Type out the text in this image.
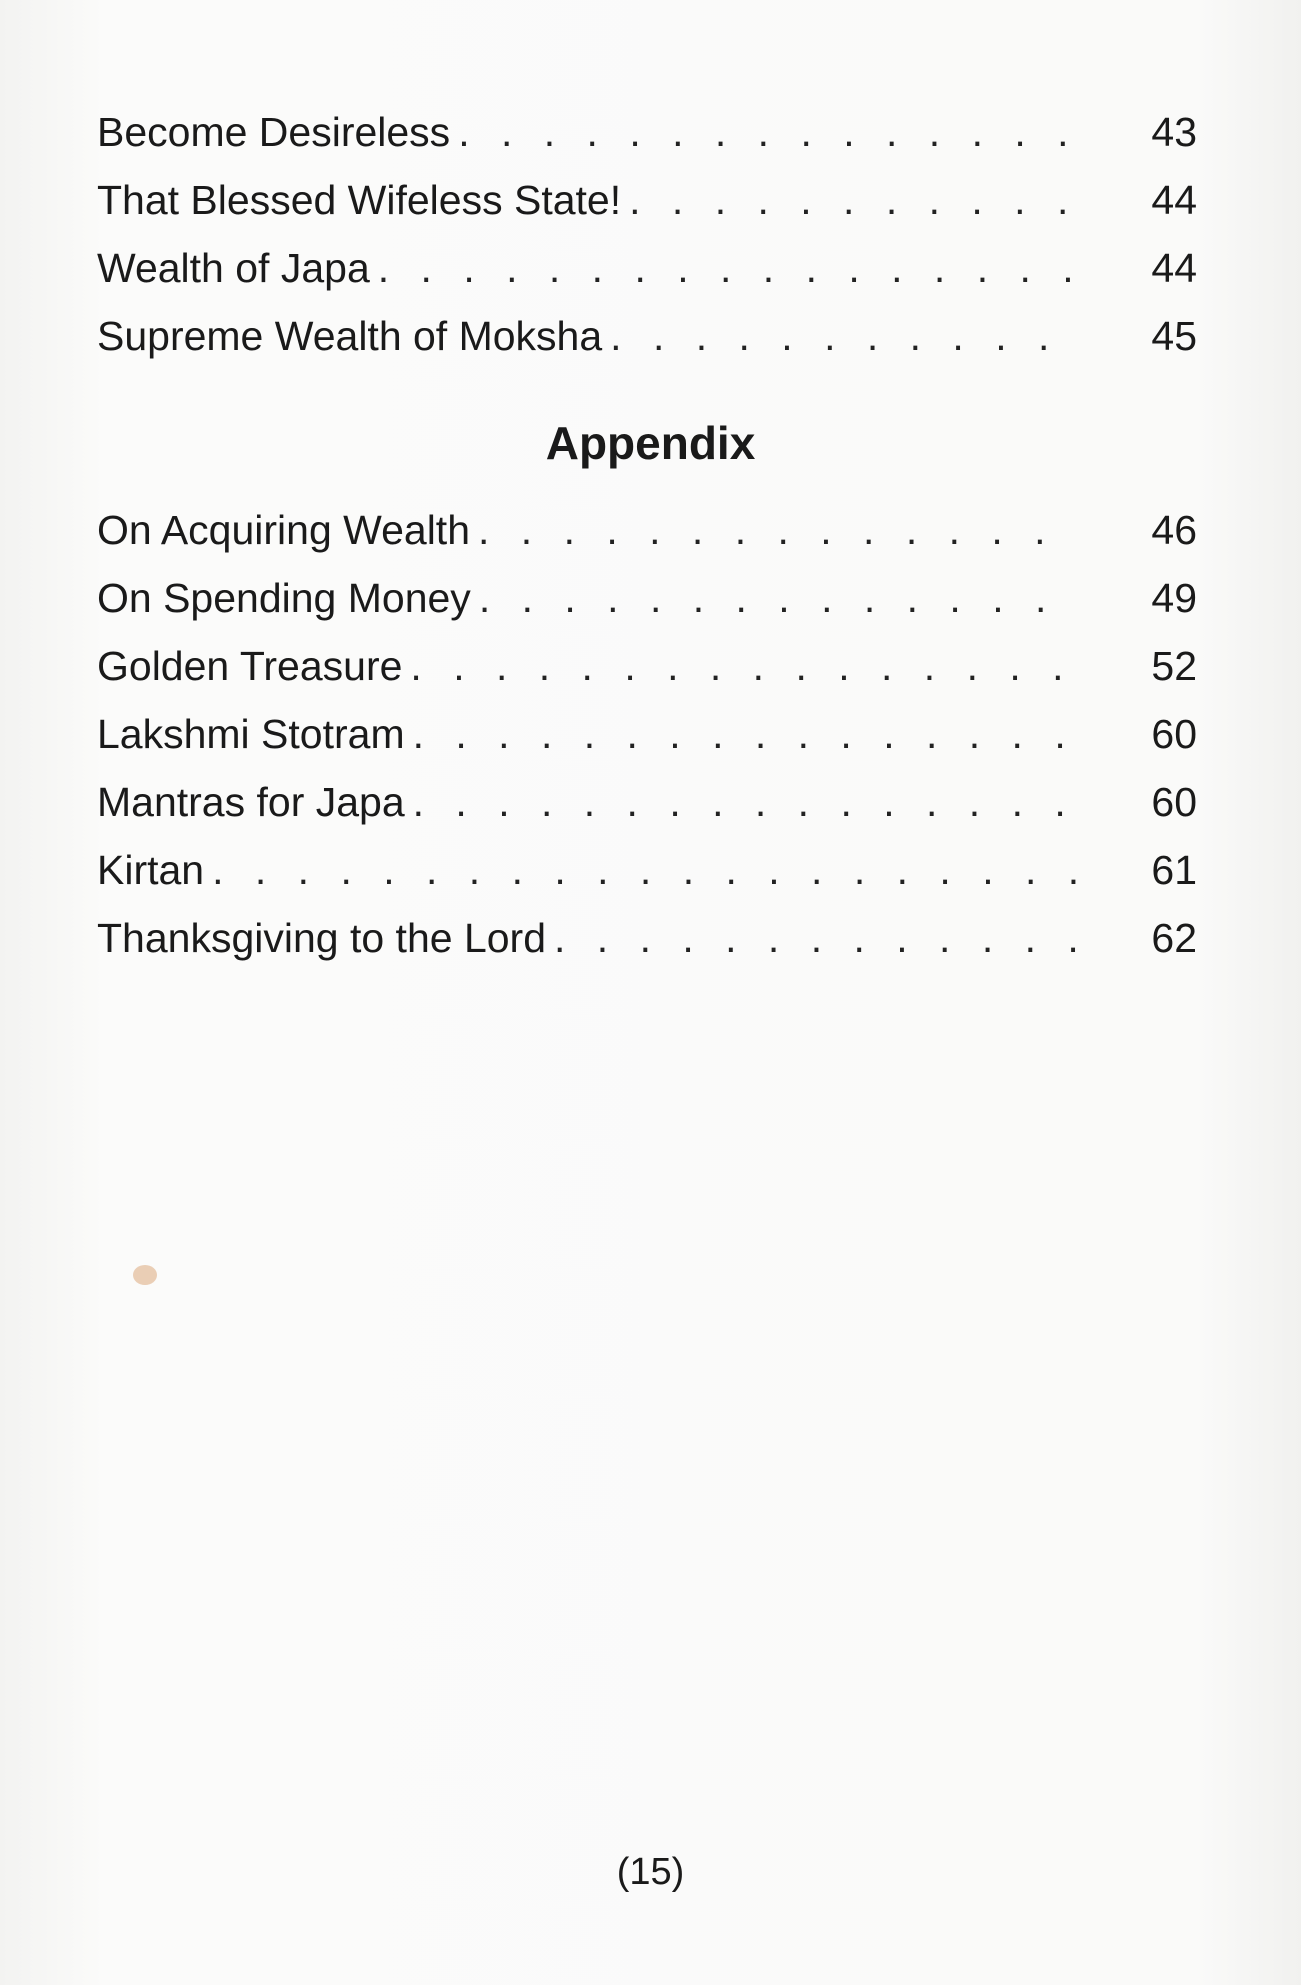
Become Desireless . . .	43
That Blessed Wifeless State! . . .	44
Wealth of Japa . . .	44
Supreme Wealth of Moksha . . .	45
Appendix
On Acquiring Wealth . . .	46
On Spending Money . . .	49
Golden Treasure . . .	52
Lakshmi Stotram . . .	60
Mantras for Japa . . .	60
Kirtan . . .	61
Thanksgiving to the Lord . . .	62
(15)
